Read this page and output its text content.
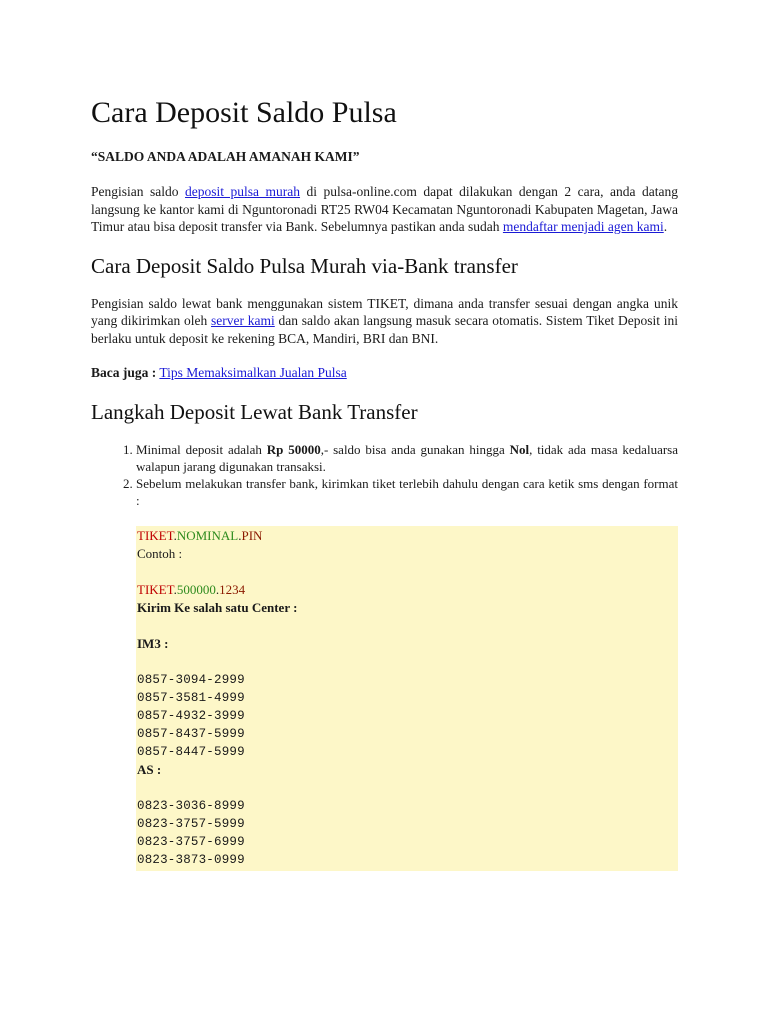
Cara Deposit Saldo Pulsa
“SALDO ANDA ADALAH AMANAH KAMI”

Pengisian saldo deposit pulsa murah di pulsa-online.com dapat dilakukan dengan 2 cara, anda datang langsung ke kantor kami di Nguntoronadi RT25 RW04 Kecamatan Nguntoronadi Kabupaten Magetan, Jawa Timur atau bisa deposit transfer via Bank. Sebelumnya pastikan anda sudah mendaftar menjadi agen kami.

Cara Deposit Saldo Pulsa Murah via-Bank transfer

Pengisian saldo lewat bank menggunakan sistem TIKET, dimana anda transfer sesuai dengan angka unik yang dikirimkan oleh server kami dan saldo akan langsung masuk secara otomatis. Sistem Tiket Deposit ini berlaku untuk deposit ke rekening BCA, Mandiri, BRI dan BNI.

Baca juga : Tips Memaksimalkan Jualan Pulsa

Langkah Deposit Lewat Bank Transfer
1. Minimal deposit adalah Rp 50000,- saldo bisa anda gunakan hingga Nol, tidak ada masa kedaluarsa walapun jarang digunakan transaksi.
2. Sebelum melakukan transfer bank, kirimkan tiket terlebih dahulu dengan cara ketik sms dengan format :
TIKET.NOMINAL.PIN
Contoh :
TIKET.500000.1234
Kirim Ke salah satu Center :
IM3 :
0857-3094-2999
0857-3581-4999
0857-4932-3999
0857-8437-5999
0857-8447-5999
AS :
0823-3036-8999
0823-3757-5999
0823-3757-6999
0823-3873-0999
